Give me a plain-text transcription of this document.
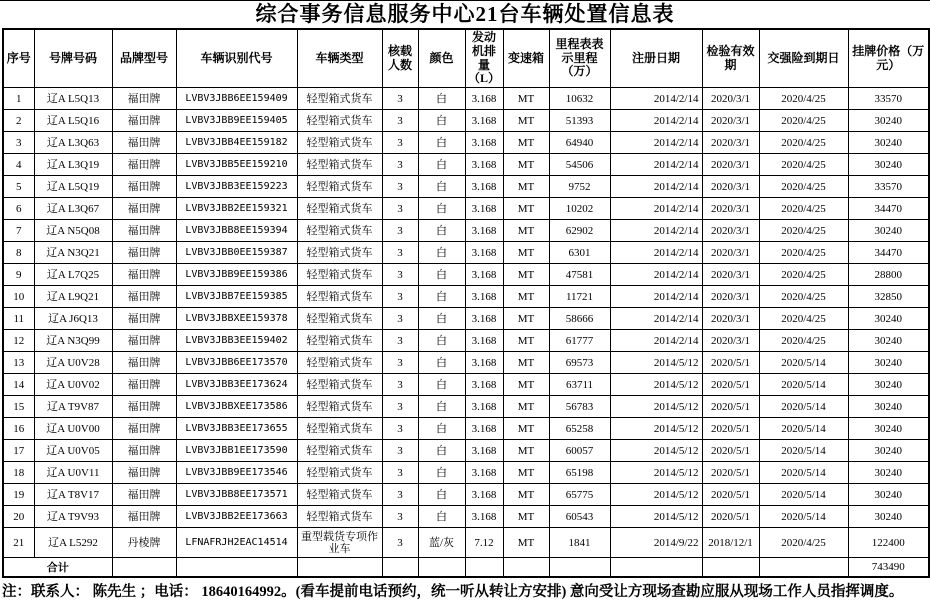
综合事务信息服务中心21台车辆处置信息表
序号	号牌号码	品牌型号	车辆识别代号	车辆类型	核载人数	颜色	发动机排量（L）	变速箱	里程表表示里程（万）	注册日期	检验有效期	交强险到期日	挂牌价格（万元）
1	辽A L5Q13	福田牌	LVBV3JBB6EE159409	轻型箱式货车	3	白	3.168	MT	10632	2014/2/14	2020/3/1	2020/4/25	33570
2	辽A L5Q16	福田牌	LVBV3JBB9EE159405	轻型箱式货车	3	白	3.168	MT	51393	2014/2/14	2020/3/1	2020/4/25	30240
3	辽A L3Q63	福田牌	LVBV3JBB4EE159182	轻型箱式货车	3	白	3.168	MT	64940	2014/2/14	2020/3/1	2020/4/25	30240
4	辽A L3Q19	福田牌	LVBV3JBB5EE159210	轻型箱式货车	3	白	3.168	MT	54506	2014/2/14	2020/3/1	2020/4/25	30240
5	辽A L5Q19	福田牌	LVBV3JBB3EE159223	轻型箱式货车	3	白	3.168	MT	9752	2014/2/14	2020/3/1	2020/4/25	33570
6	辽A L3Q67	福田牌	LVBV3JBB2EE159321	轻型箱式货车	3	白	3.168	MT	10202	2014/2/14	2020/3/1	2020/4/25	34470
7	辽A N5Q08	福田牌	LVBV3JBB8EE159394	轻型箱式货车	3	白	3.168	MT	62902	2014/2/14	2020/3/1	2020/4/25	30240
8	辽A N3Q21	福田牌	LVBV3JBB0EE159387	轻型箱式货车	3	白	3.168	MT	6301	2014/2/14	2020/3/1	2020/4/25	34470
9	辽A L7Q25	福田牌	LVBV3JBB9EE159386	轻型箱式货车	3	白	3.168	MT	47581	2014/2/14	2020/3/1	2020/4/25	28800
10	辽A L9Q21	福田牌	LVBV3JBB7EE159385	轻型箱式货车	3	白	3.168	MT	11721	2014/2/14	2020/3/1	2020/4/25	32850
11	辽A J6Q13	福田牌	LVBV3JBBXEE159378	轻型箱式货车	3	白	3.168	MT	58666	2014/2/14	2020/3/1	2020/4/25	30240
12	辽A N3Q99	福田牌	LVBV3JBB3EE159402	轻型箱式货车	3	白	3.168	MT	61777	2014/2/14	2020/3/1	2020/4/25	30240
13	辽A U0V28	福田牌	LVBV3JBB6EE173570	轻型箱式货车	3	白	3.168	MT	69573	2014/5/12	2020/5/1	2020/5/14	30240
14	辽A U0V02	福田牌	LVBV3JBB3EE173624	轻型箱式货车	3	白	3.168	MT	63711	2014/5/12	2020/5/1	2020/5/14	30240
15	辽A T9V87	福田牌	LVBV3JBBXEE173586	轻型箱式货车	3	白	3.168	MT	56783	2014/5/12	2020/5/1	2020/5/14	30240
16	辽A U0V00	福田牌	LVBV3JBB3EE173655	轻型箱式货车	3	白	3.168	MT	65258	2014/5/12	2020/5/1	2020/5/14	30240
17	辽A U0V05	福田牌	LVBV3JBB1EE173590	轻型箱式货车	3	白	3.168	MT	60057	2014/5/12	2020/5/1	2020/5/14	30240
18	辽A U0V11	福田牌	LVBV3JBB9EE173546	轻型箱式货车	3	白	3.168	MT	65198	2014/5/12	2020/5/1	2020/5/14	30240
19	辽A T8V17	福田牌	LVBV3JBB8EE173571	轻型箱式货车	3	白	3.168	MT	65775	2014/5/12	2020/5/1	2020/5/14	30240
20	辽A T9V93	福田牌	LVBV3JBB2EE173663	轻型箱式货车	3	白	3.168	MT	60543	2014/5/12	2020/5/1	2020/5/14	30240
21	辽A L5292	丹棱牌	LFNAFRJH2EAC14514	重型载货专项作业车	3	蓝/灰	7.12	MT	1841	2014/9/22	2018/12/1	2020/4/25	122400
合计													743490
注：联系人： 陈先生 ；电话： 18640164992。(看车提前电话预约，统一听从转让方安排) 意向受让方现场查勘应服从现场工作人员指挥调度。
